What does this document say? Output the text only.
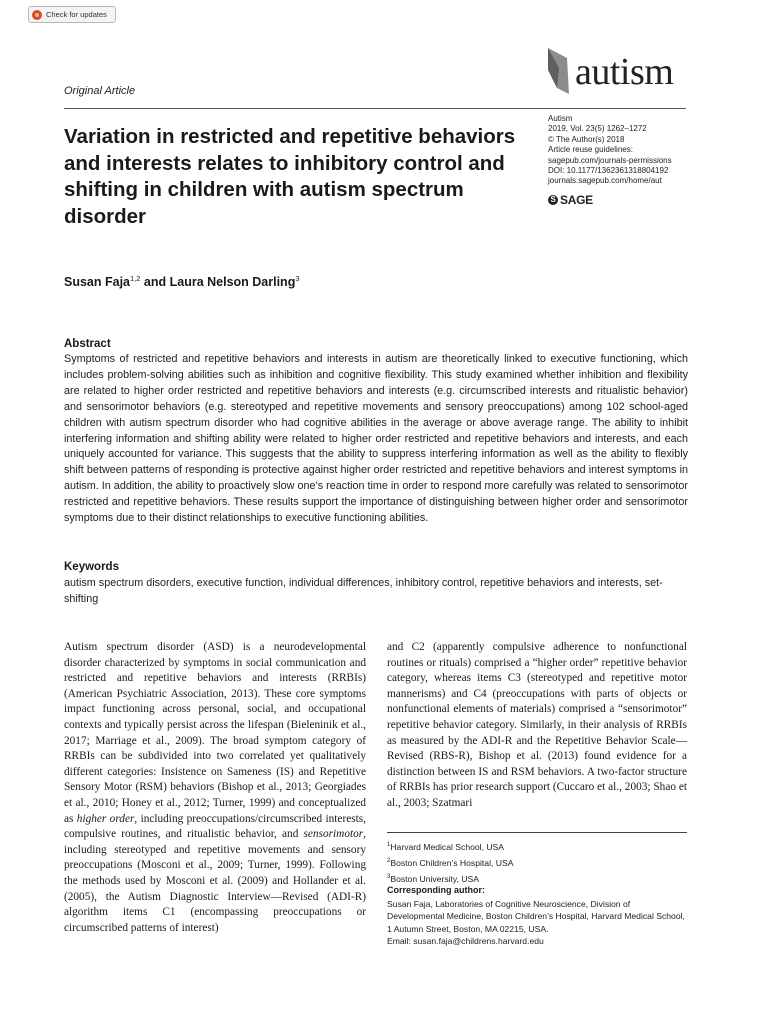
Check for updates
Original Article	autism
Variation in restricted and repetitive behaviors and interests relates to inhibitory control and shifting in children with autism spectrum disorder
Autism
2019, Vol. 23(5) 1262–1272
© The Author(s) 2018
Article reuse guidelines:
sagepub.com/journals-permissions
DOI: 10.1177/1362361318804192
journals.sagepub.com/home/aut
S SAGE
Susan Faja$^{1,2}$ and Laura Nelson Darling$^3$
Abstract
Symptoms of restricted and repetitive behaviors and interests in autism are theoretically linked to executive functioning, which includes problem-solving abilities such as inhibition and cognitive flexibility. This study examined whether inhibition and flexibility are related to higher order restricted and repetitive behaviors and interests (e.g. circumscribed interests and ritualistic behavior) and sensorimotor behaviors (e.g. stereotyped and repetitive movements and sensory preoccupations) among 102 school-aged children with autism spectrum disorder who had cognitive abilities in the average or above average range. The ability to inhibit interfering information and shifting ability were related to higher order restricted and repetitive behaviors and interests, and each uniquely accounted for variance. This suggests that the ability to suppress interfering information as well as the ability to flexibly shift between patterns of responding is protective against higher order restricted and repetitive behaviors and interest symptoms in autism. In addition, the ability to proactively slow one’s reaction time in order to respond more carefully was related to sensorimotor restricted and repetitive behaviors. These results support the importance of distinguishing between higher order and sensorimotor symptoms due to their distinct relationships to executive functioning abilities.
Keywords
autism spectrum disorders, executive function, individual differences, inhibitory control, repetitive behaviors and interests, set-shifting
Autism spectrum disorder (ASD) is a neurodevelopmental disorder characterized by symptoms in social communication and restricted and repetitive behaviors and interests (RRBIs) (American Psychiatric Association, 2013). These core symptoms impact functioning across personal, social, and occupational contexts and typically persist across the lifespan (Bieleninik et al., 2017; Marriage et al., 2009). The broad symptom category of RRBIs can be subdivided into two correlated yet qualitatively different categories: Insistence on Sameness (IS) and Repetitive Sensory Motor (RSM) behaviors (Bishop et al., 2013; Georgiades et al., 2010; Honey et al., 2012; Turner, 1999) and conceptualized as higher order, including preoccupations/circumscribed interests, compulsive routines, and ritualistic behavior, and sensorimotor, including stereotyped and repetitive movements and sensory preoccupations (Mosconi et al., 2009; Turner, 1999). Following the methods used by Mosconi et al. (2009) and Hollander et al. (2005), the Autism Diagnostic Interview—Revised (ADI-R) algorithm items C1 (encompassing preoccupations or circumscribed patterns of interest)
and C2 (apparently compulsive adherence to nonfunctional routines or rituals) comprised a “higher order” repetitive behavior category, whereas items C3 (stereotyped and repetitive motor mannerisms) and C4 (preoccupations with parts of objects or nonfunctional elements of materials) comprised a “sensorimotor” repetitive behavior category. Similarly, in their analysis of RRBIs as measured by the ADI-R and the Repetitive Behavior Scale—Revised (RBS-R), Bishop et al. (2013) found evidence for a distinction between IS and RSM behaviors. A two-factor structure of RRBIs has prior research support (Cuccaro et al., 2003; Shao et al., 2003; Szatmari
$^1$Harvard Medical School, USA
$^2$Boston Children’s Hospital, USA
$^3$Boston University, USA
Corresponding author:
Susan Faja, Laboratories of Cognitive Neuroscience, Division of Developmental Medicine, Boston Children’s Hospital, Harvard Medical School, 1 Autumn Street, Boston, MA 02215, USA.
Email: susan.faja@childrens.harvard.edu
